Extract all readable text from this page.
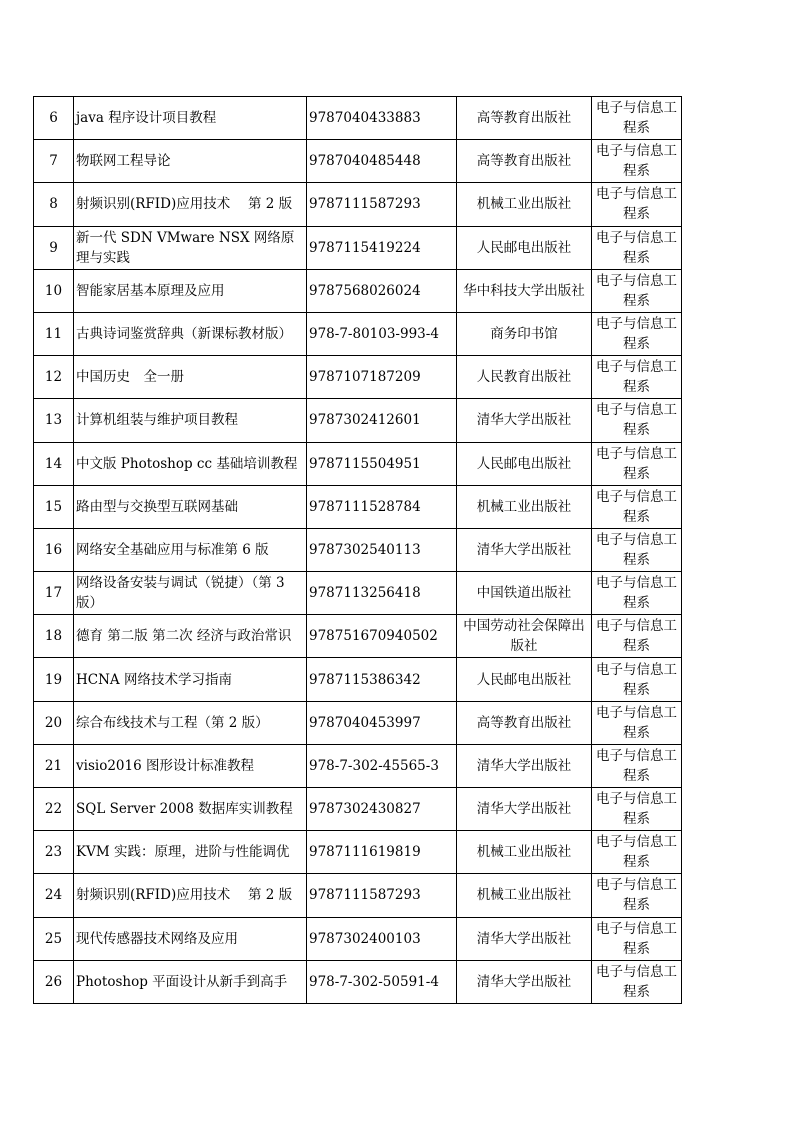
6	java 程序设计项目教程	9787040433883	高等教育出版社	电子与信息工程系
7	物联网工程导论	9787040485448	高等教育出版社	电子与信息工程系
8	射频识别(RFID)应用技术　 第 2 版	9787111587293	机械工业出版社	电子与信息工程系
9	新一代 SDN VMware NSX 网络原理与实践	9787115419224	人民邮电出版社	电子与信息工程系
10	智能家居基本原理及应用	9787568026024	华中科技大学出版社	电子与信息工程系
11	古典诗词鉴赏辞典（新课标教材版）	978-7-80103-993-4	商务印书馆	电子与信息工程系
12	中国历史　全一册	9787107187209	人民教育出版社	电子与信息工程系
13	计算机组装与维护项目教程	9787302412601	清华大学出版社	电子与信息工程系
14	中文版 Photoshop cc 基础培训教程	9787115504951	人民邮电出版社	电子与信息工程系
15	路由型与交换型互联网基础	9787111528784	机械工业出版社	电子与信息工程系
16	网络安全基础应用与标准第 6 版	9787302540113	清华大学出版社	电子与信息工程系
17	网络设备安装与调试（锐捷）（第 3 版）	9787113256418	中国铁道出版社	电子与信息工程系
18	德育 第二版 第二次 经济与政治常识	978751670940502	中国劳动社会保障出版社	电子与信息工程系
19	HCNA 网络技术学习指南	9787115386342	人民邮电出版社	电子与信息工程系
20	综合布线技术与工程（第 2 版）	9787040453997	高等教育出版社	电子与信息工程系
21	visio2016 图形设计标准教程	978-7-302-45565-3	清华大学出版社	电子与信息工程系
22	SQL Server 2008 数据库实训教程	9787302430827	清华大学出版社	电子与信息工程系
23	KVM 实践：原理，进阶与性能调优	9787111619819	机械工业出版社	电子与信息工程系
24	射频识别(RFID)应用技术　 第 2 版	9787111587293	机械工业出版社	电子与信息工程系
25	现代传感器技术网络及应用	9787302400103	清华大学出版社	电子与信息工程系
26	Photoshop 平面设计从新手到高手	978-7-302-50591-4	清华大学出版社	电子与信息工程系
